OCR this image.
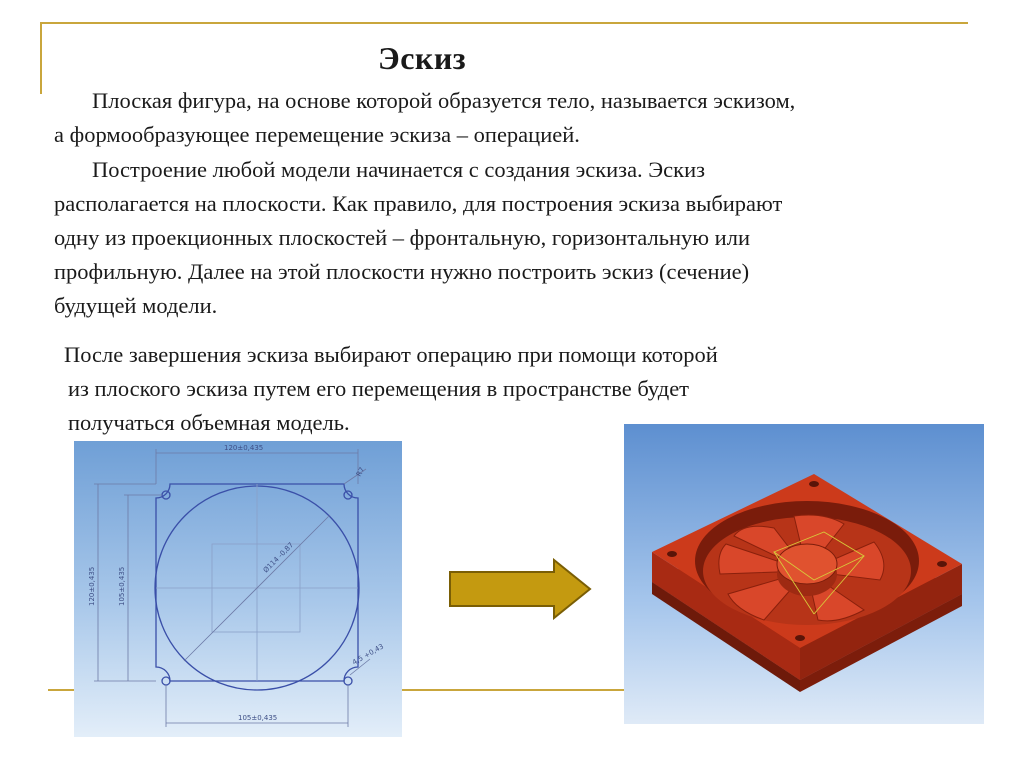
Эскиз

Плоская фигура, на основе которой образуется тело, называется эскизом,
а формообразующее перемещение эскиза – операцией.

Построение любой модели начинается с создания эскиза. Эскиз
располагается на плоскости. Как правило, для построения эскиза выбирают
одну из проекционных плоскостей – фронтальную, горизонтальную или
профильную. Далее на этой плоскости нужно построить эскиз (сечение)
будущей модели.

После завершения эскиза выбирают операцию при помощи которой
из плоского эскиза путем его перемещения в пространстве будет
получаться объемная модель.

120±0,435
105±0,435
120±0,435	105±0,435
Ø114 -0,87
4,5 +0,43
R7
